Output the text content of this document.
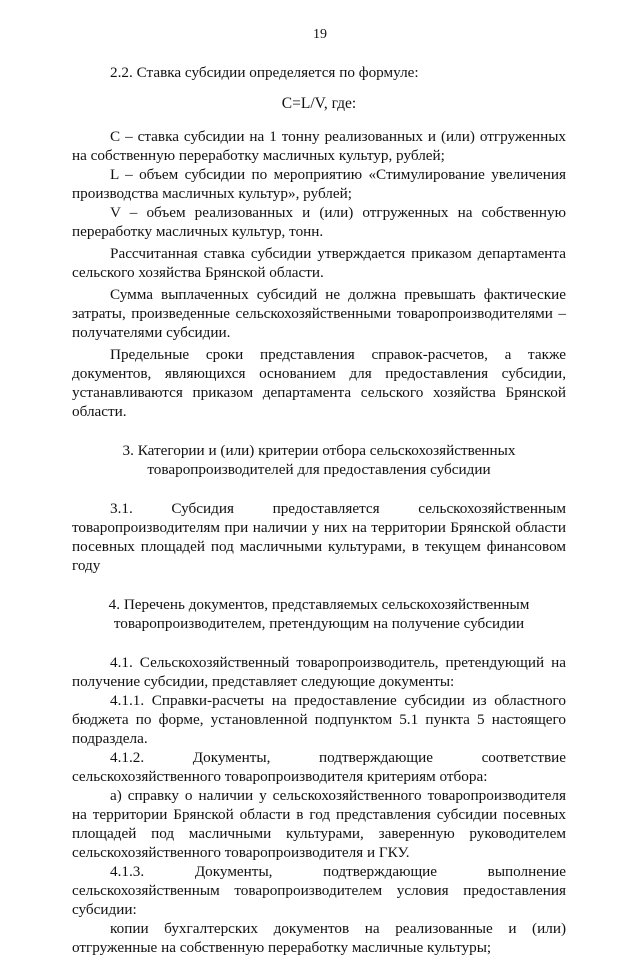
19

2.2. Ставка субсидии определяется по формуле:

C=L/V, где:

C – ставка субсидии на 1 тонну реализованных и (или) отгруженных на собственную переработку масличных культур, рублей;

L – объем субсидии по мероприятию «Стимулирование увеличения производства масличных культур», рублей;

V – объем реализованных и (или) отгруженных на собственную переработку масличных культур, тонн.

Рассчитанная ставка субсидии утверждается приказом департамента сельского хозяйства Брянской области.

Сумма выплаченных субсидий не должна превышать фактические затраты, произведенные сельскохозяйственными товаропроизводителями – получателями субсидии.

Предельные сроки представления справок-расчетов, а также документов, являющихся основанием для предоставления субсидии, устанавливаются приказом департамента сельского хозяйства Брянской области.

3. Категории и (или) критерии отбора сельскохозяйственных
товаропроизводителей для предоставления субсидии

3.1. Субсидия предоставляется сельскохозяйственным товаропроизводителям при наличии у них на территории Брянской области посевных площадей под масличными культурами, в текущем финансовом году

4. Перечень документов, представляемых сельскохозяйственным
товаропроизводителем, претендующим на получение субсидии

4.1. Сельскохозяйственный товаропроизводитель, претендующий на получение субсидии, представляет следующие документы:

4.1.1. Справки-расчеты на предоставление субсидии из областного бюджета по форме, установленной подпунктом 5.1 пункта 5 настоящего подраздела.

4.1.2. Документы, подтверждающие соответствие сельскохозяйственного товаропроизводителя критериям отбора:

а) справку о наличии у сельскохозяйственного товаропроизводителя на территории Брянской области в год представления субсидии посевных площадей под масличными культурами, заверенную руководителем сельскохозяйственного товаропроизводителя и ГКУ.

4.1.3. Документы, подтверждающие выполнение сельскохозяйственным товаропроизводителем условия предоставления субсидии:

копии бухгалтерских документов на реализованные и (или) отгруженные на собственную переработку масличные культуры;
